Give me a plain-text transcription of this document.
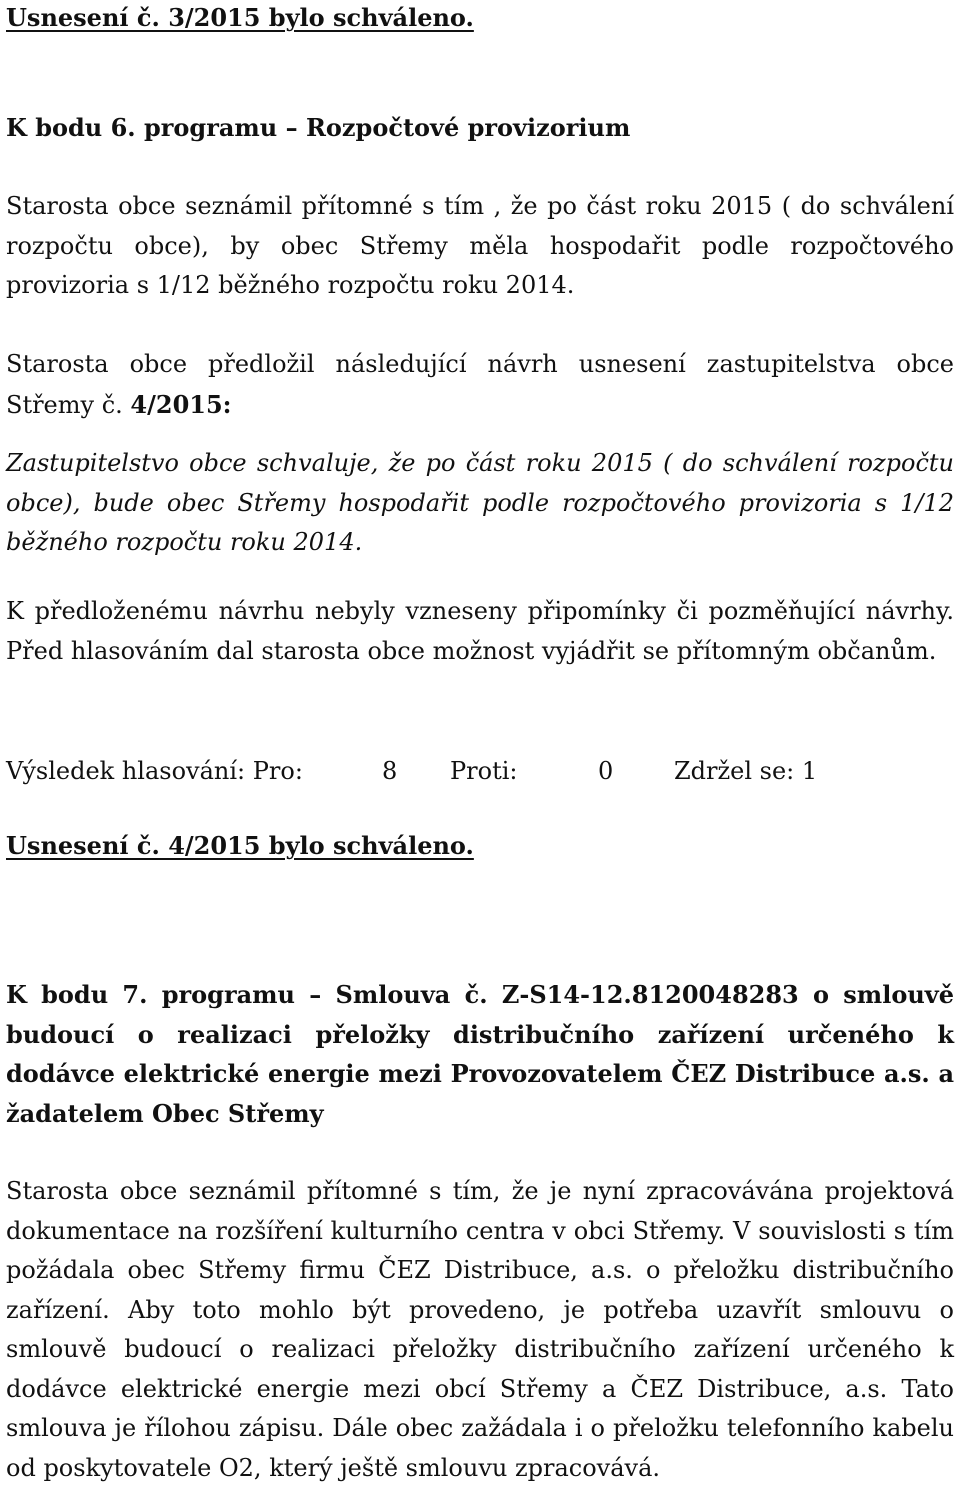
Usnesení č. 3/2015 bylo schváleno.

K bodu 6. programu – Rozpočtové provizorium

Starosta obce seznámil přítomné s tím , že po část roku 2015 ( do schválení rozpočtu obce), by obec Střemy měla hospodařit podle rozpočtového provizoria s 1/12 běžného rozpočtu roku 2014.

Starosta obce předložil následující návrh usnesení zastupitelstva obce Střemy č. 4/2015:

Zastupitelstvo obce schvaluje, že po část roku 2015 ( do schválení rozpočtu obce), bude obec Střemy hospodařit podle rozpočtového provizoria s 1/12 běžného rozpočtu roku 2014.

K předloženému návrhu nebyly vzneseny připomínky či pozměňující návrhy. Před hlasováním dal starosta obce možnost vyjádřit se přítomným občanům.

Výsledek hlasování: Pro:	8 Proti:	0	Zdržel se: 1

Usnesení č. 4/2015 bylo schváleno.

K bodu 7. programu – Smlouva č. Z-S14-12.8120048283 o smlouvě budoucí o realizaci přeložky distribučního zařízení určeného k dodávce elektrické energie mezi Provozovatelem ČEZ Distribuce a.s. a žadatelem Obec Střemy

Starosta obce seznámil přítomné s tím, že je nyní zpracovávána projektová dokumentace na rozšíření kulturního centra v obci Střemy. V souvislosti s tím požádala obec Střemy firmu ČEZ Distribuce, a.s. o přeložku distribučního zařízení. Aby toto mohlo být provedeno, je potřeba uzavřít smlouvu o smlouvě budoucí o realizaci přeložky distribučního zařízení určeného k dodávce elektrické energie mezi obcí Střemy a ČEZ Distribuce, a.s. Tato smlouva je řílohou zápisu. Dále obec zažádala i o přeložku telefonního kabelu od poskytovatele O2, který ještě smlouvu zpracovává.
